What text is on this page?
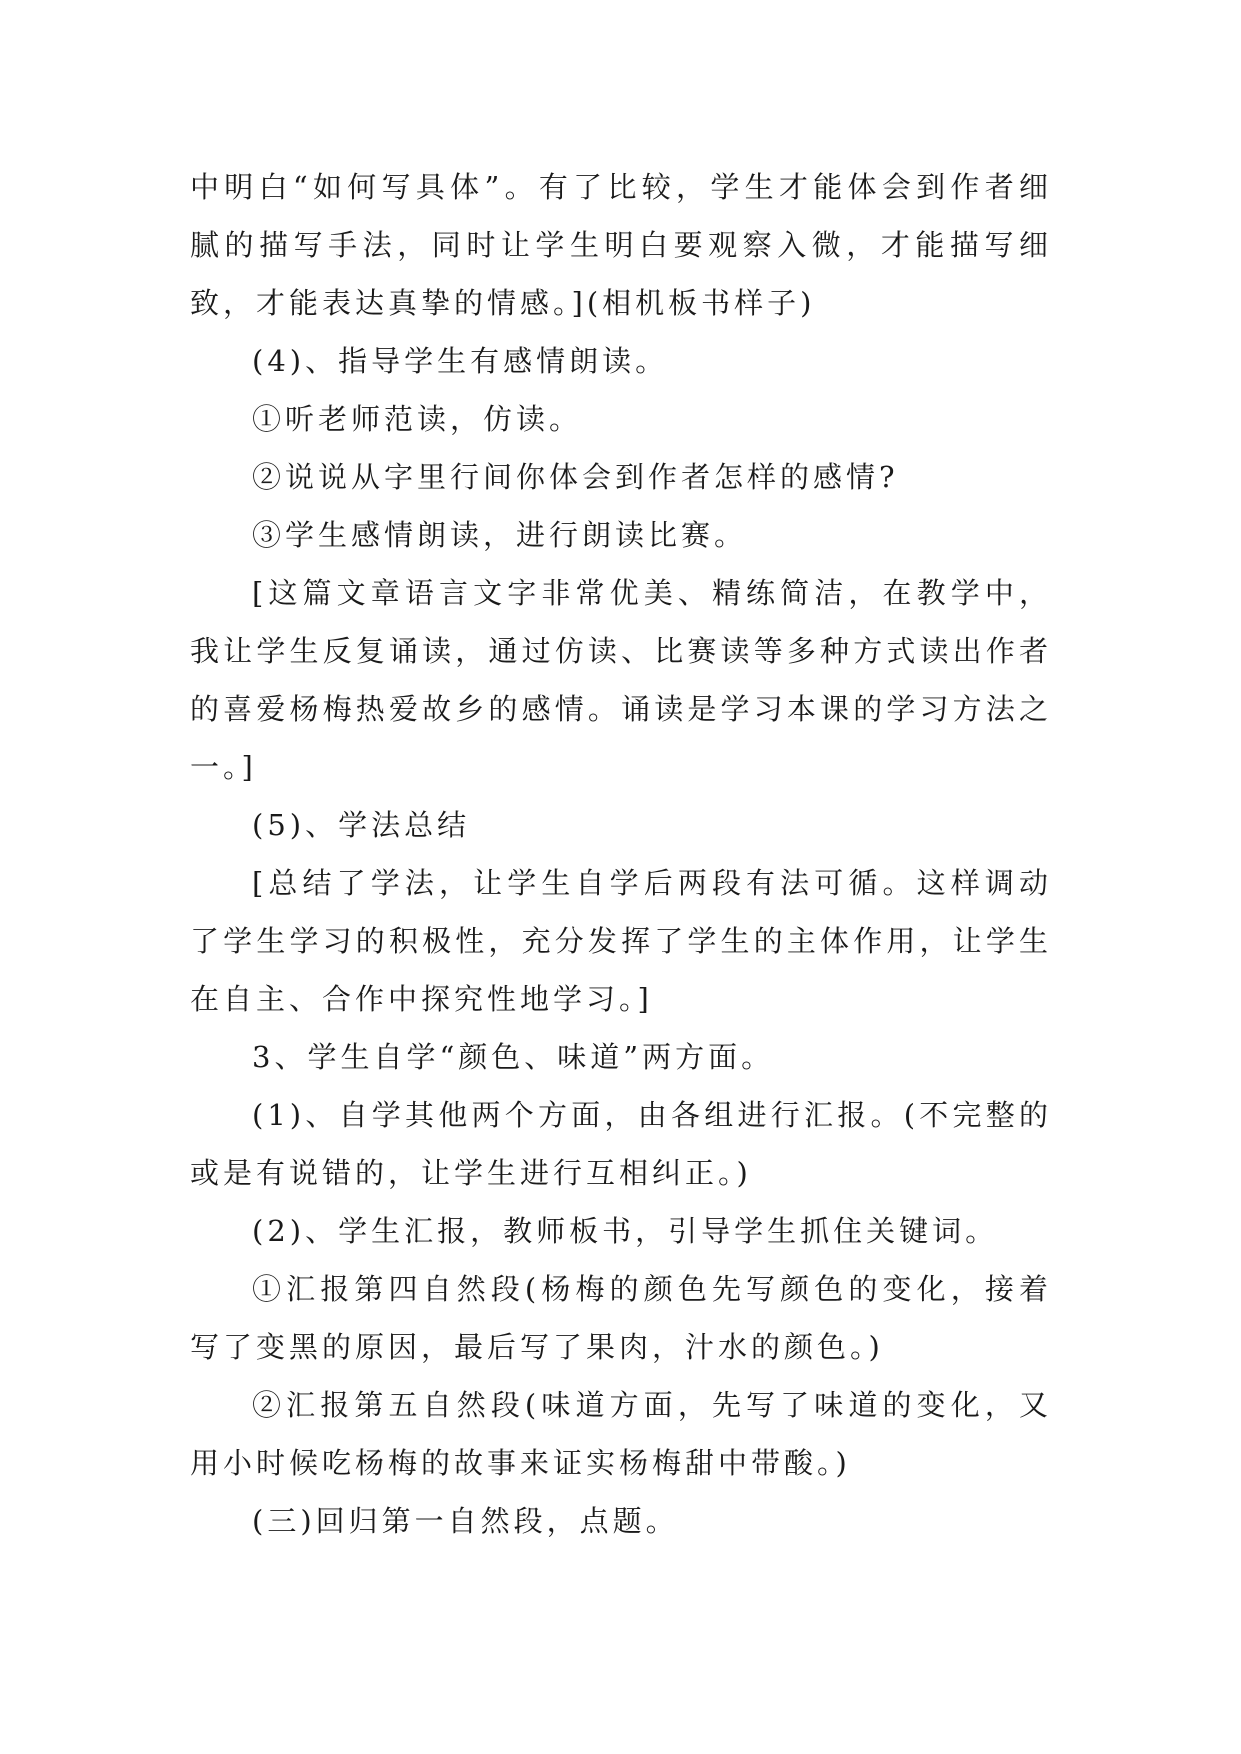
中明白“如何写具体”。有了比较，学生才能体会到作者细腻的描写手法，同时让学生明白要观察入微，才能描写细致，才能表达真挚的情感。](相机板书样子)

(4)、指导学生有感情朗读。

①听老师范读，仿读。

②说说从字里行间你体会到作者怎样的感情?

③学生感情朗读，进行朗读比赛。

[这篇文章语言文字非常优美、精练简洁，在教学中，我让学生反复诵读，通过仿读、比赛读等多种方式读出作者的喜爱杨梅热爱故乡的感情。诵读是学习本课的学习方法之一。]

(5)、学法总结

[总结了学法，让学生自学后两段有法可循。这样调动了学生学习的积极性，充分发挥了学生的主体作用，让学生在自主、合作中探究性地学习。]

3、学生自学“颜色、味道”两方面。

(1)、自学其他两个方面，由各组进行汇报。(不完整的或是有说错的，让学生进行互相纠正。)

(2)、学生汇报，教师板书，引导学生抓住关键词。

①汇报第四自然段(杨梅的颜色先写颜色的变化，接着写了变黑的原因，最后写了果肉，汁水的颜色。)

②汇报第五自然段(味道方面，先写了味道的变化，又用小时候吃杨梅的故事来证实杨梅甜中带酸。)

(三)回归第一自然段，点题。
